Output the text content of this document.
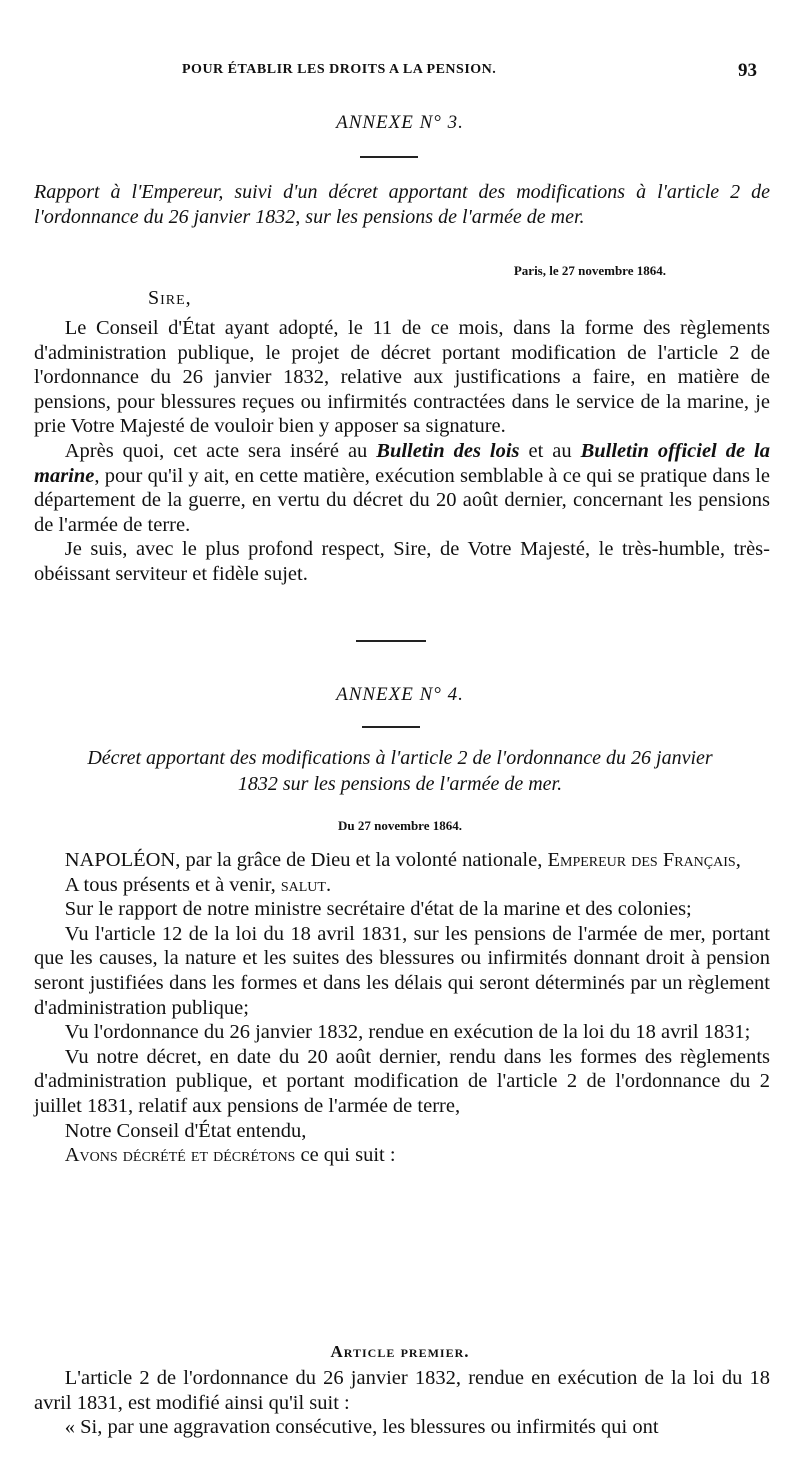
POUR ÉTABLIR LES DROITS A LA PENSION.	93
ANNEXE N° 3.

Rapport à l'Empereur, suivi d'un décret apportant des modifications à l'article 2 de l'ordonnance du 26 janvier 1832, sur les pensions de l'armée de mer.

Paris, le 27 novembre 1864.
Sire,

Le Conseil d'État ayant adopté, le 11 de ce mois, dans la forme des règlements d'administration publique, le projet de décret portant modification de l'article 2 de l'ordonnance du 26 janvier 1832, relative aux justifications a faire, en matière de pensions, pour blessures reçues ou infirmités contractées dans le service de la marine, je prie Votre Majesté de vouloir bien y apposer sa signature.

Après quoi, cet acte sera inséré au Bulletin des lois et au Bulletin officiel de la marine, pour qu'il y ait, en cette matière, exécution semblable à ce qui se pratique dans le département de la guerre, en vertu du décret du 20 août dernier, concernant les pensions de l'armée de terre.

Je suis, avec le plus profond respect, Sire, de Votre Majesté, le très-humble, très-obéissant serviteur et fidèle sujet.

ANNEXE N° 4.
Décret apportant des modifications à l'article 2 de l'ordonnance du 26 janvier 1832 sur les pensions de l'armée de mer.
Du 27 novembre 1864.

NAPOLÉON, par la grâce de Dieu et la volonté nationale, Empereur des Français,

A tous présents et à venir, salut.

Sur le rapport de notre ministre secrétaire d'état de la marine et des colonies;

Vu l'article 12 de la loi du 18 avril 1831, sur les pensions de l'armée de mer, portant que les causes, la nature et les suites des blessures ou infirmités donnant droit à pension seront justifiées dans les formes et dans les délais qui seront déterminés par un règlement d'administration publique;

Vu l'ordonnance du 26 janvier 1832, rendue en exécution de la loi du 18 avril 1831;

Vu notre décret, en date du 20 août dernier, rendu dans les formes des règlements d'administration publique, et portant modification de l'article 2 de l'ordonnance du 2 juillet 1831, relatif aux pensions de l'armée de terre,

Notre Conseil d'État entendu,

Avons décrété et décrétons ce qui suit :

Article premier.

L'article 2 de l'ordonnance du 26 janvier 1832, rendue en exécution de la loi du 18 avril 1831, est modifié ainsi qu'il suit :

« Si, par une aggravation consécutive, les blessures ou infirmités qui ont
